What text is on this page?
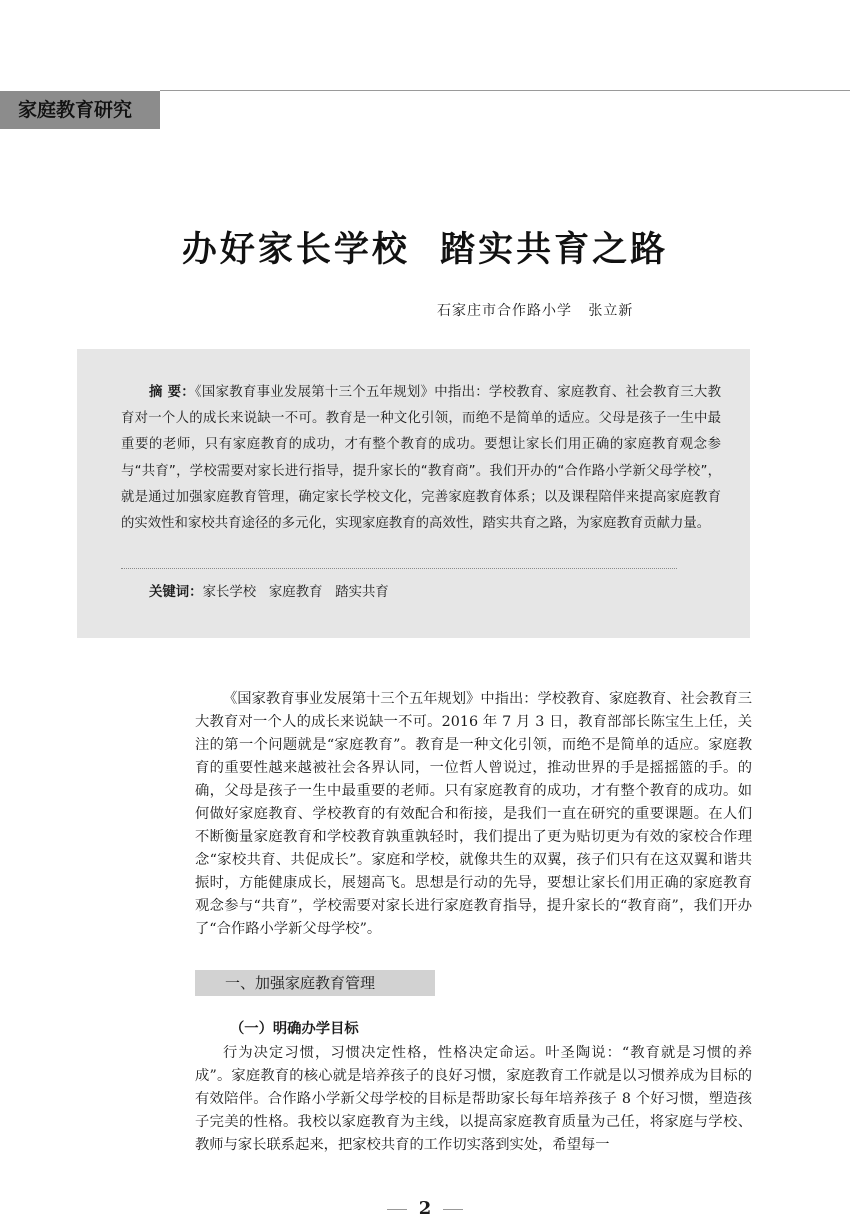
家庭教育研究
办好家长学校  踏实共育之路
石家庄市合作路小学   张立新
摘 要：《国家教育事业发展第十三个五年规划》中指出：学校教育、家庭教育、社会教育三大教育对一个人的成长来说缺一不可。教育是一种文化引领，而绝不是简单的适应。父母是孩子一生中最重要的老师，只有家庭教育的成功，才有整个教育的成功。要想让家长们用正确的家庭教育观念参与“共育”，学校需要对家长进行指导，提升家长的“教育商”。我们开办的“合作路小学新父母学校”，就是通过加强家庭教育管理，确定家长学校文化，完善家庭教育体系；以及课程陪伴来提高家庭教育的实效性和家校共育途径的多元化，实现家庭教育的高效性，踏实共育之路，为家庭教育贡献力量。
关键词：家长学校   家庭教育   踏实共育
《国家教育事业发展第十三个五年规划》中指出：学校教育、家庭教育、社会教育三大教育对一个人的成长来说缺一不可。2016 年 7 月 3 日，教育部部长陈宝生上任，关注的第一个问题就是“家庭教育”。教育是一种文化引领，而绝不是简单的适应。家庭教育的重要性越来越被社会各界认同，一位哲人曾说过，推动世界的手是摇摇篮的手。的确，父母是孩子一生中最重要的老师。只有家庭教育的成功，才有整个教育的成功。如何做好家庭教育、学校教育的有效配合和衔接，是我们一直在研究的重要课题。在人们不断衡量家庭教育和学校教育孰重孰轻时，我们提出了更为贴切更为有效的家校合作理念“家校共育、共促成长”。家庭和学校，就像共生的双翼，孩子们只有在这双翼和谐共振时，方能健康成长，展翅高飞。思想是行动的先导，要想让家长们用正确的家庭教育观念参与“共育”，学校需要对家长进行家庭教育指导，提升家长的“教育商”，我们开办了“合作路小学新父母学校”。
一、加强家庭教育管理
（一）明确办学目标
行为决定习惯，习惯决定性格，性格决定命运。叶圣陶说：“教育就是习惯的养成”。家庭教育的核心就是培养孩子的良好习惯，家庭教育工作就是以习惯养成为目标的有效陪伴。合作路小学新父母学校的目标是帮助家长每年培养孩子 8 个好习惯，塑造孩子完美的性格。我校以家庭教育为主线，以提高家庭教育质量为己任，将家庭与学校、教师与家长联系起来，把家校共育的工作切实落到实处，希望每一
2
